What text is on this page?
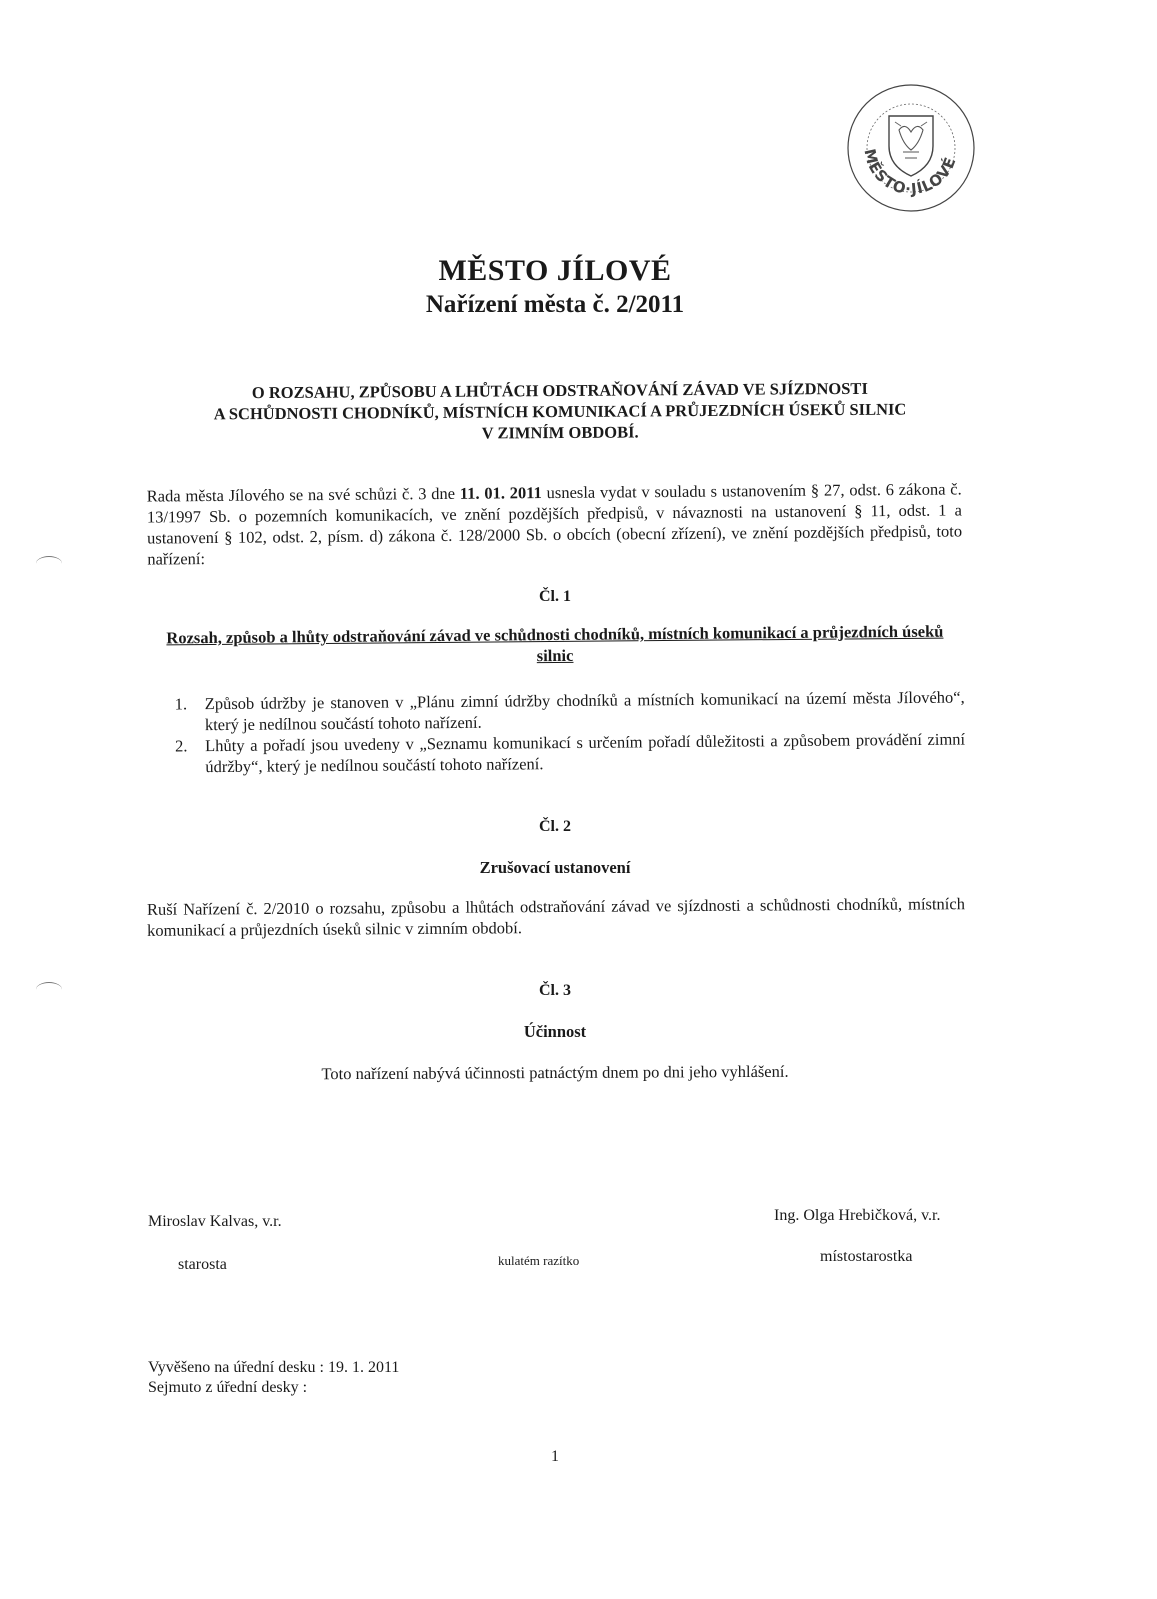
MĚSTO·JÍLOVÉ
MĚSTO JÍLOVÉ
Nařízení města č. 2/2011
O ROZSAHU, ZPŮSOBU A LHŮTÁCH ODSTRAŇOVÁNÍ ZÁVAD VE SJÍZDNOSTI
A SCHŮDNOSTI CHODNÍKŮ, MÍSTNÍCH KOMUNIKACÍ A PRŮJEZDNÍCH ÚSEKŮ SILNIC
V ZIMNÍM OBDOBÍ.
Rada města Jílového se na své schůzi č. 3 dne 11. 01. 2011 usnesla vydat v souladu s ustanovením § 27, odst. 6 zákona č. 13/1997 Sb. o pozemních komunikacích, ve znění pozdějších předpisů, v návaznosti na ustanovení § 11, odst. 1 a ustanovení § 102, odst. 2, písm. d) zákona č. 128/2000 Sb. o obcích (obecní zřízení), ve znění pozdějších předpisů, toto nařízení:
Čl. 1
Rozsah, způsob a lhůty odstraňování závad ve schůdnosti chodníků, místních komunikací a průjezdních úseků silnic
1.	Způsob údržby je stanoven v „Plánu zimní údržby chodníků a místních komunikací na území města Jílového“, který je nedílnou součástí tohoto nařízení.
2.	Lhůty a pořadí jsou uvedeny v „Seznamu komunikací s určením pořadí důležitosti a způsobem provádění zimní údržby“, který je nedílnou součástí tohoto nařízení.
Čl. 2
Zrušovací ustanovení
Ruší Nařízení č. 2/2010 o rozsahu, způsobu a lhůtách odstraňování závad ve sjízdnosti a schůdnosti chodníků, místních komunikací a průjezdních úseků silnic v zimním období.
Čl. 3
Účinnost
Toto nařízení nabývá účinnosti patnáctým dnem po dni jeho vyhlášení.
Miroslav Kalvas, v.r.
starosta	kulatém razítko
Ing. Olga Hrebičková, v.r.
místostarostka
Vyvěšeno na úřední desku : 19. 1. 2011
Sejmuto z úřední desky :
1
